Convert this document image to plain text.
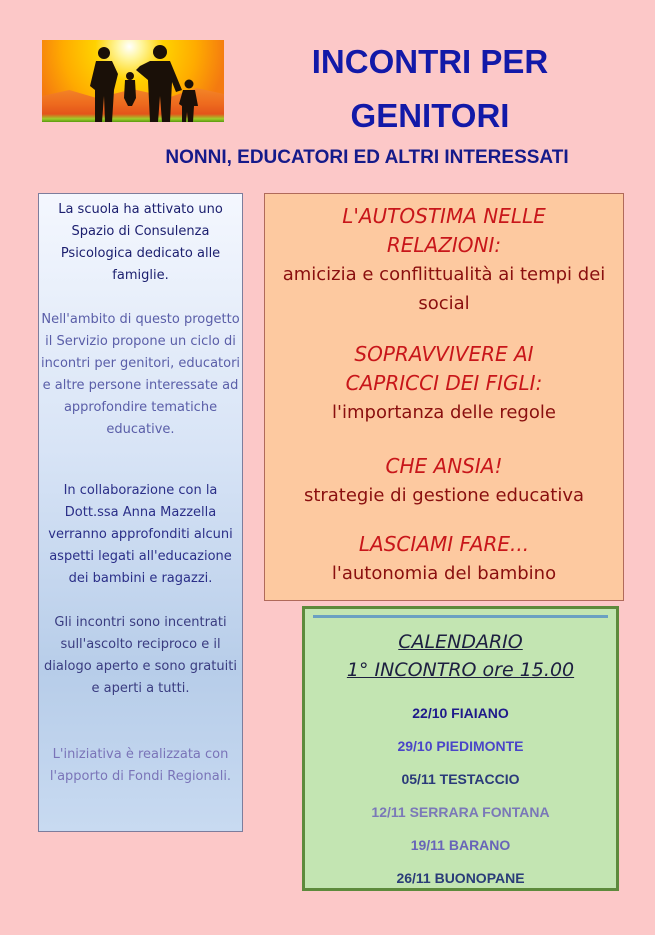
INCONTRI PER
GENITORI
NONNI, EDUCATORI ED ALTRI INTERESSATI

La scuola ha attivato uno Spazio di Consulenza Psicologica dedicato alle famiglie.

Nell'ambito di questo progetto il Servizio propone un ciclo di incontri per genitori, educatori e altre persone interessate ad approfondire tematiche educative.

In collaborazione con la Dott.ssa Anna Mazzella verranno approfonditi alcuni aspetti legati all'educazione dei bambini e ragazzi.

Gli incontri sono incentrati sull'ascolto reciproco e il dialogo aperto e sono gratuiti e aperti a tutti.

L'iniziativa è realizzata con l'apporto di Fondi Regionali.

L'AUTOSTIMA NELLE RELAZIONI:

amicizia e conflittualità ai tempi dei social

SOPRAVVIVERE AI CAPRICCI DEI FIGLI:

l'importanza delle regole

CHE ANSIA!

strategie di gestione educativa

LASCIAMI FARE...

l'autonomia del bambino

CALENDARIO

1° INCONTRO ore 15.00

22/10 FIAIANO

29/10 PIEDIMONTE

05/11 TESTACCIO

12/11 SERRARA FONTANA

19/11 BARANO

26/11 BUONOPANE
